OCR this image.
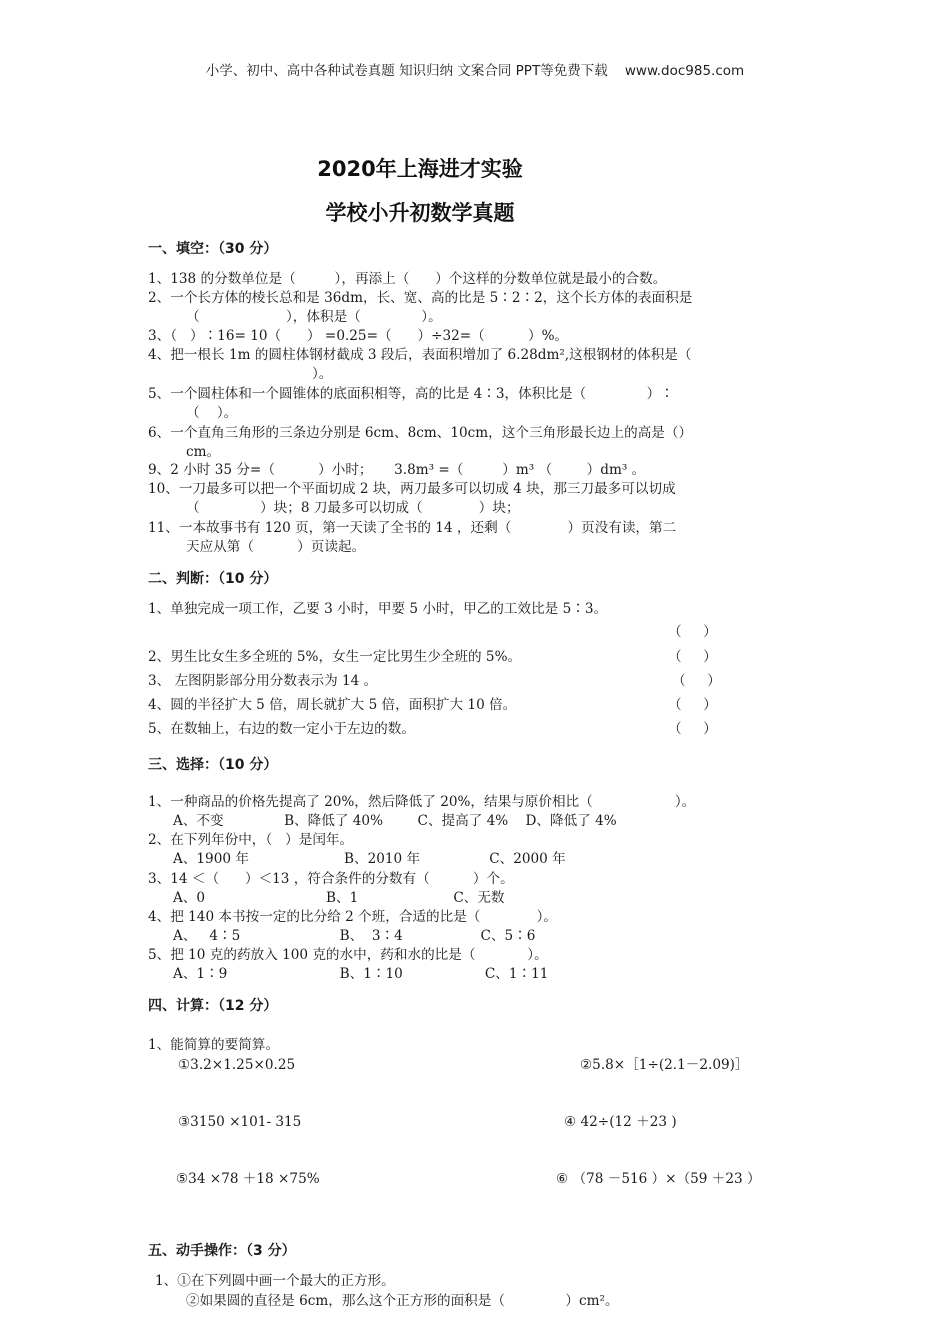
小学、初中、高中各种试卷真题 知识归纳 文案合同 PPT等免费下载    www.doc985.com
2020年上海进才实验
学校小升初数学真题
一、填空：（30 分）
1、138 的分数单位是（         ），再添上（      ）个这样的分数单位就是最小的合数。
2、一个长方体的棱长总和是 36dm，长、宽、高的比是 5∶2∶2，这个长方体的表面积是
（                    ），体积是（              ）。
3、（   ）∶16= 10（      ） =0.25=（      ）÷32=（          ）%。
4、把一根长 1m 的圆柱体钢材截成 3 段后，表面积增加了 6.28dm²,这根钢材的体积是（
）。
5、一个圆柱体和一个圆锥体的底面积相等，高的比是 4∶3，体积比是（              ）∶
（    ）。
6、一个直角三角形的三条边分别是 6cm、8cm、10cm，这个三角形最长边上的高是（）
cm。
9、2 小时 35 分=（          ）小时；     3.8m³ =（         ）m³ （        ）dm³ 。
10、一刀最多可以把一个平面切成 2 块，两刀最多可以切成 4 块，那三刀最多可以切成
（              ）块；8 刀最多可以切成（             ）块；
11、一本故事书有 120 页，第一天读了全书的 14 ，还剩（             ）页没有读，第二
天应从第（          ）页读起。
二、判断：（10 分）
1、单独完成一项工作，乙要 3 小时，甲要 5 小时，甲乙的工效比是 5∶3。
（     ）
2、男生比女生多全班的 5%，女生一定比男生少全班的 5%。	（     ）
3、 左图阴影部分用分数表示为 14 。	（     ）
4、圆的半径扩大 5 倍，周长就扩大 5 倍，面积扩大 10 倍。	（     ）
5、在数轴上，右边的数一定小于左边的数。	（     ）
三、选择：（10 分）
1、一种商品的价格先提高了 20%，然后降低了 20%，结果与原价相比（                   ）。
A、不变              B、降低了 40%        C、提高了 4%    D、降低了 4%
2、在下列年份中，（   ）是闰年。
A、1900 年                      B、2010 年                C、2000 年
3、14 ＜（      ）＜13 ，符合条件的分数有（          ）个。
A、0                            B、1                      C、无数
4、把 140 本书按一定的比分给 2 个班，合适的比是（             ）。
A、   4∶5                       B、  3∶4                  C、5∶6
5、把 10 克的药放入 100 克的水中，药和水的比是（            ）。
A、1∶9                          B、1∶10                   C、1∶11
四、计算：（12 分）
1、能简算的要简算。
①3.2×1.25×0.25	②5.8×［1÷(2.1－2.09)］
③3150 ×101- 315	④ 42÷(12 ＋23 )
⑤34 ×78 ＋18 ×75%	⑥ （78 －516 ）×（59 ＋23 ）
五、动手操作：（3 分）
1、①在下列圆中画一个最大的正方形。
②如果圆的直径是 6cm，那么这个正方形的面积是（              ）cm²。
